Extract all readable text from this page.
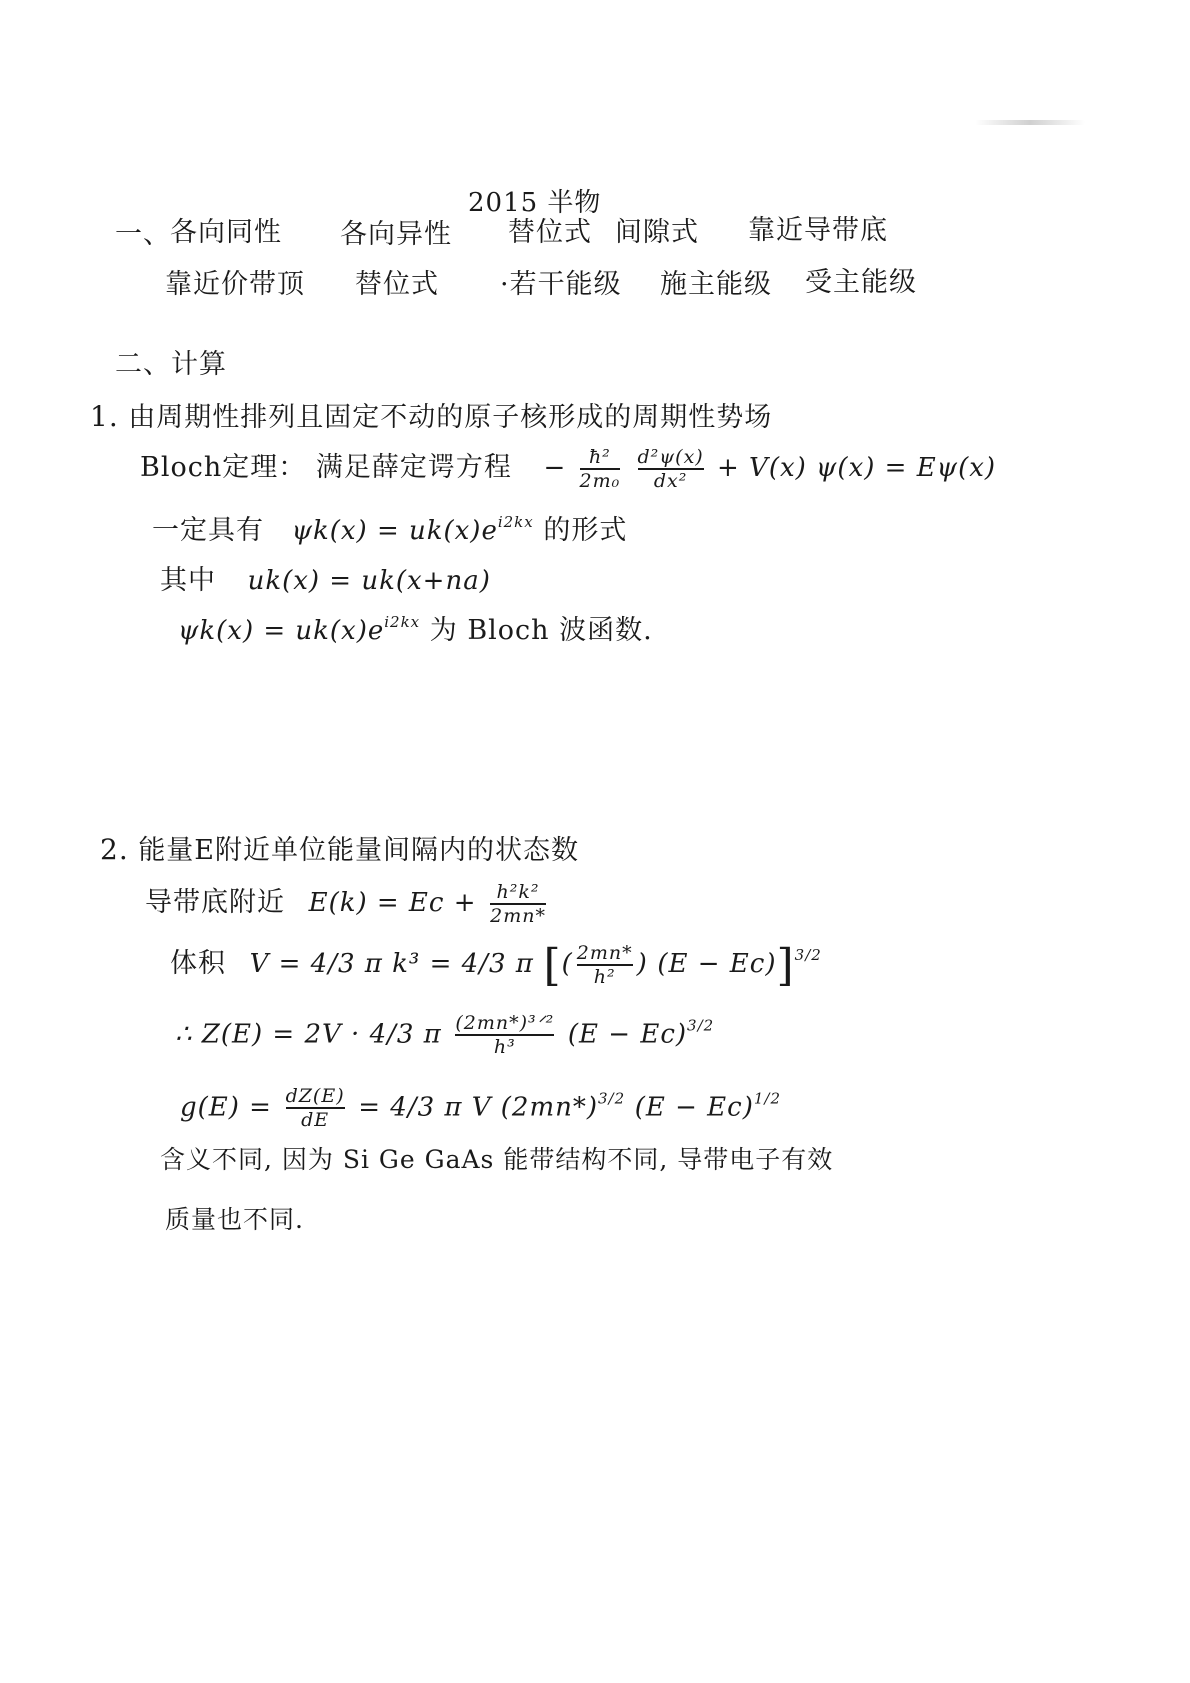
2015 半物
一、 各向同性 各向异性 替位式 间隙式 靠近导带底
靠近价带顶 替位式 ·若干能级 施主能级 受主能级
二、计算
1. 由周期性排列且固定不动的原子核形成的周期性势场
Bloch定理： 满足薛定谔方程 − $\frac{\text{ħ²}}{\text{2m₀}}$
$\frac{\text{d²ψ(x)}}{\text{dx²}} + V(x) \psi(x) = E\psi(x)$
一定具有 $\psi k(x) = uk(x)e^{i2kx}$ 的形式
其中 uk(x) = uk(x+na)
$\psi k(x) = uk(x)e^{i2kx}$ 为 Bloch 波函数.
2. 能量E附近单位能量间隔内的状态数
导带底附近 $E(k) = Ec + \frac{\text{h²k²}}{2mn*}$
体积 V = 4/3 π k³ = 4/3 π [( $\frac{2mn*}{\text{h²}}$ ) (E − Ec)]$^{3/2}$
∴ Z(E) = 2V · 4/3 π $\frac{\text{(2mn*)³ᐟ²}}{\text{h³}} (E - Ec)^{3/2}$
$g(E) = \frac{dZ(E)}{dE} = 4/3$ π V $(2mn*)^{3/2}$ $(E - Ec)^{1/2}$
含义不同, 因为 Si Ge GaAs 能带结构不同, 导带电子有效
质量也不同.
